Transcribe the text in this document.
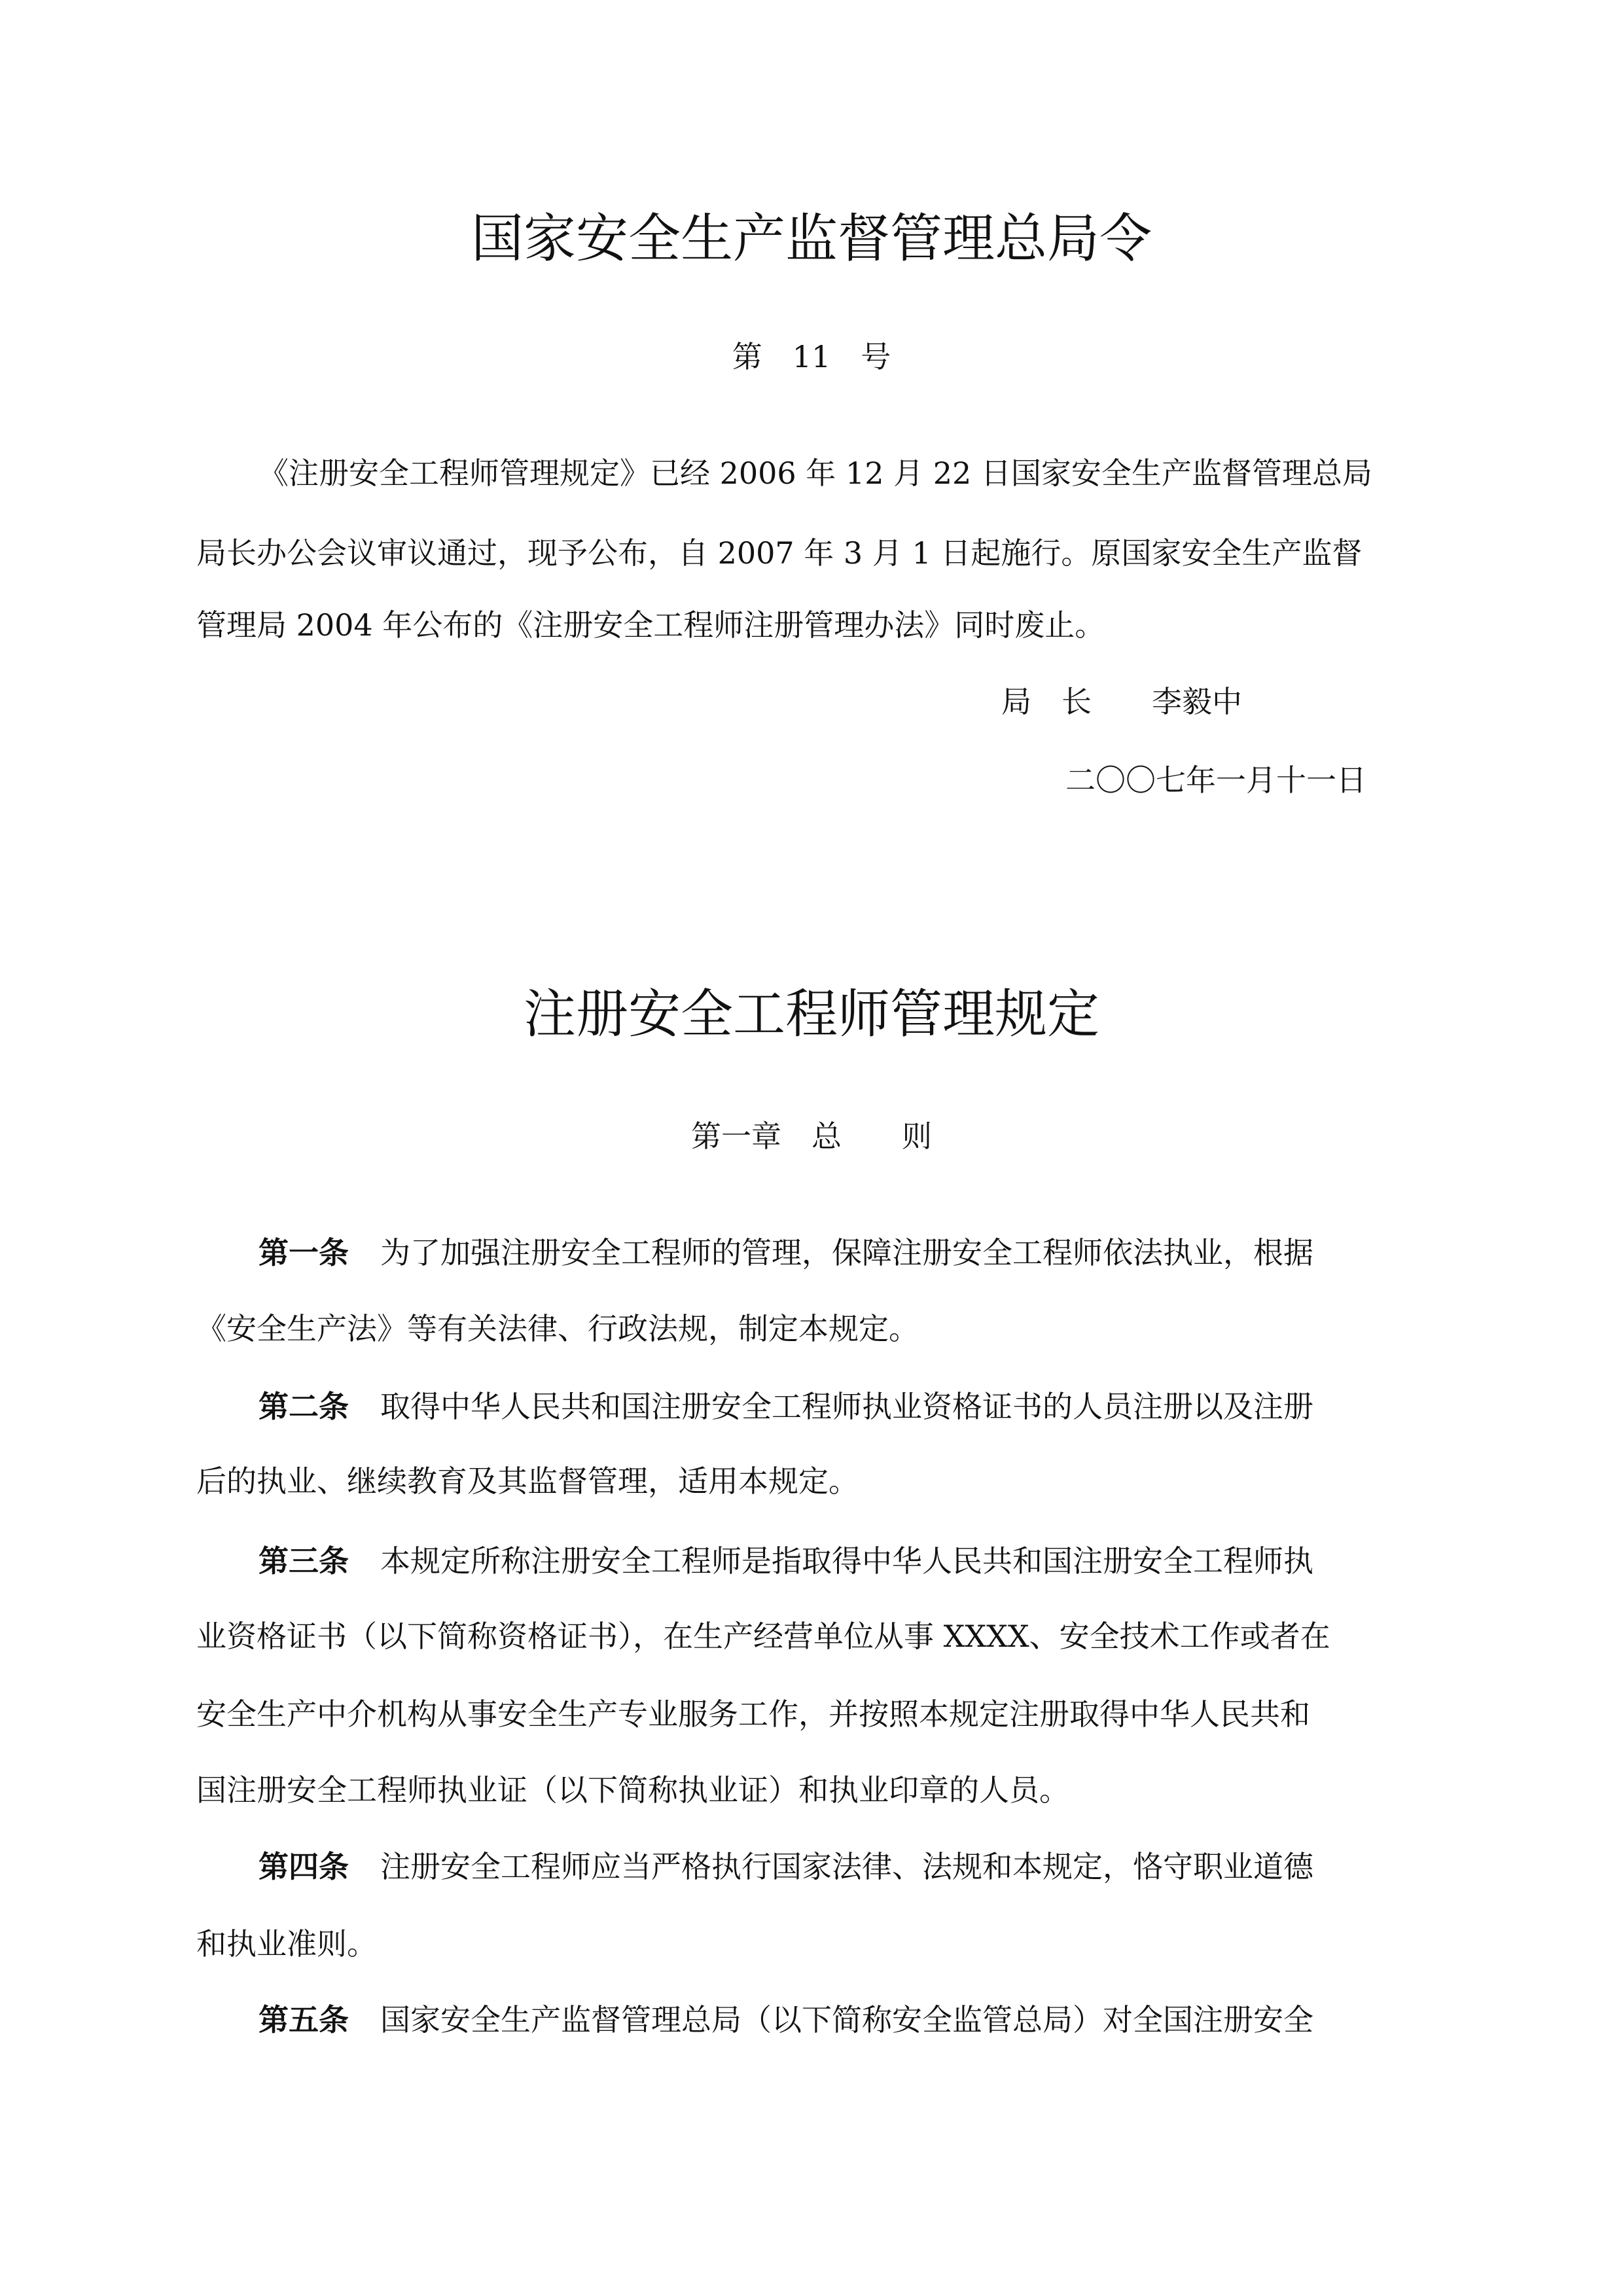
国家安全生产监督管理总局令
第　11　号
《注册安全工程师管理规定》已经 2006 年 12 月 22 日国家安全生产监督管理总局
局长办公会议审议通过，现予公布，自 2007 年 3 月 1 日起施行。原国家安全生产监督
管理局 2004 年公布的《注册安全工程师注册管理办法》同时废止。
局　长　　李毅中
二〇〇七年一月十一日
注册安全工程师管理规定
第一章　总　　则
第一条 为了加强注册安全工程师的管理，保障注册安全工程师依法执业，根据
《安全生产法》等有关法律、行政法规，制定本规定。
第二条 取得中华人民共和国注册安全工程师执业资格证书的人员注册以及注册
后的执业、继续教育及其监督管理，适用本规定。
第三条 本规定所称注册安全工程师是指取得中华人民共和国注册安全工程师执
业资格证书（以下简称资格证书），在生产经营单位从事 XXXX、安全技术工作或者在
安全生产中介机构从事安全生产专业服务工作，并按照本规定注册取得中华人民共和
国注册安全工程师执业证（以下简称执业证）和执业印章的人员。
第四条 注册安全工程师应当严格执行国家法律、法规和本规定，恪守职业道德
和执业准则。
第五条 国家安全生产监督管理总局（以下简称安全监管总局）对全国注册安全
